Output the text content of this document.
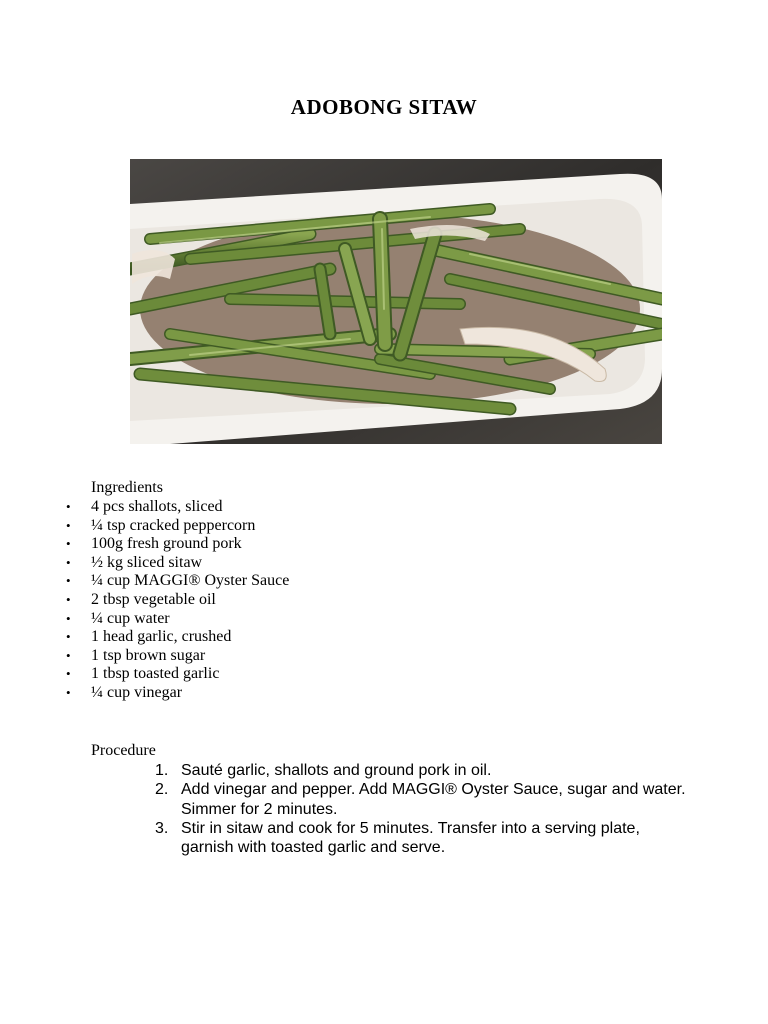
ADOBONG SITAW
Ingredients
• 4 pcs shallots, sliced
• ¼ tsp cracked peppercorn
• 100g fresh ground pork
• ½ kg sliced sitaw
• ¼ cup MAGGI® Oyster Sauce
• 2 tbsp vegetable oil
• ¼ cup water
• 1 head garlic, crushed
• 1 tsp brown sugar
• 1 tbsp toasted garlic
• ¼ cup vinegar
Procedure
1. Sauté garlic, shallots and ground pork in oil.
2. Add vinegar and pepper. Add MAGGI® Oyster Sauce, sugar and water. Simmer for 2 minutes.
3. Stir in sitaw and cook for 5 minutes. Transfer into a serving plate, garnish with toasted garlic and serve.
